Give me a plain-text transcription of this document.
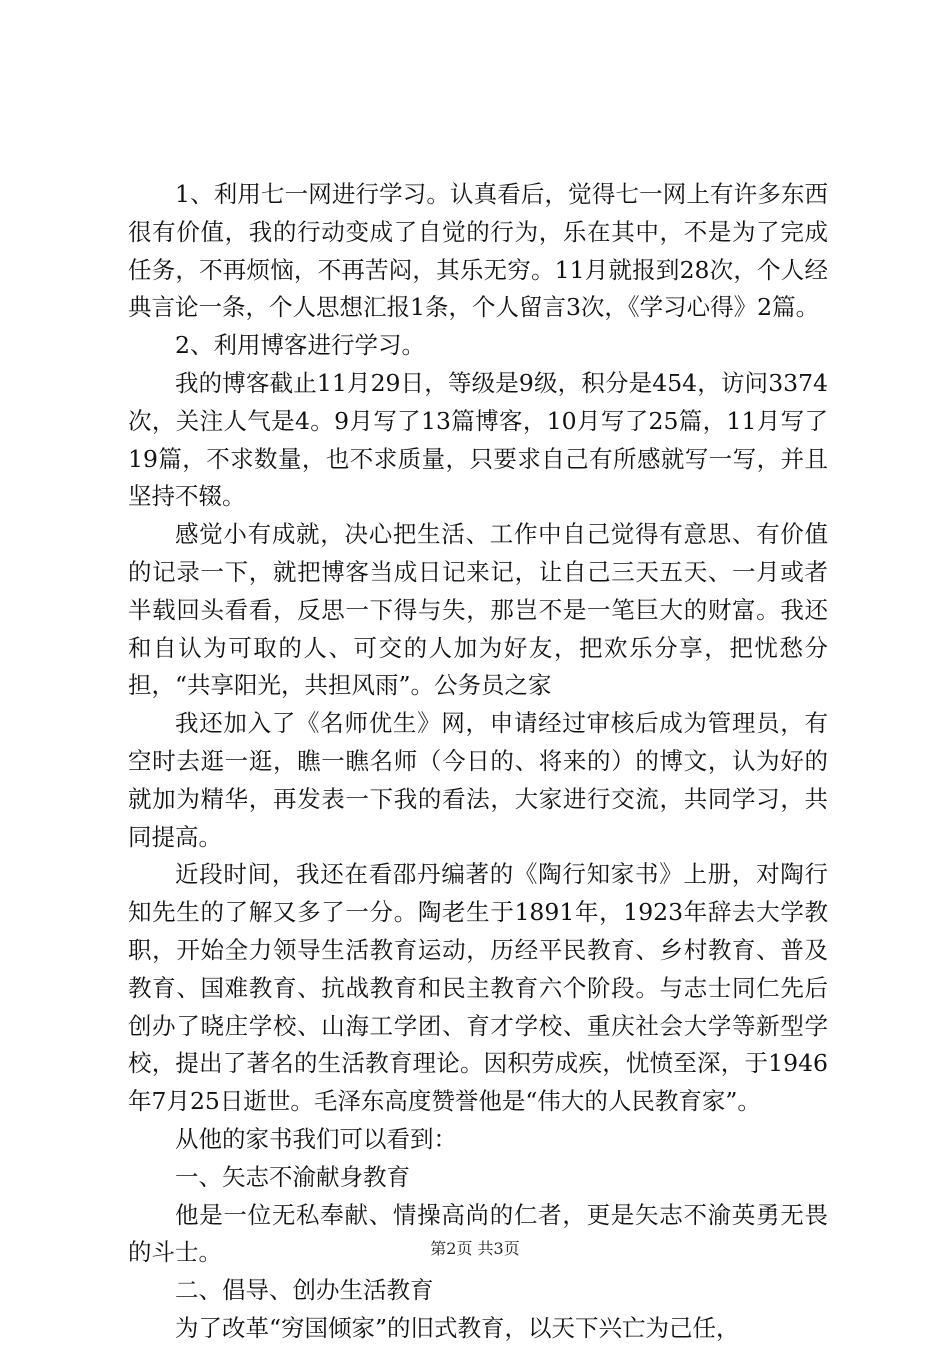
1、利用七一网进行学习。认真看后，觉得七一网上有许多东西很有价值，我的行动变成了自觉的行为，乐在其中，不是为了完成任务，不再烦恼，不再苦闷，其乐无穷。11月就报到28次，个人经典言论一条，个人思想汇报1条，个人留言3次，《学习心得》2篇。

2、利用博客进行学习。

我的博客截止11月29日，等级是9级，积分是454，访问3374次，关注人气是4。9月写了13篇博客，10月写了25篇，11月写了19篇，不求数量，也不求质量，只要求自己有所感就写一写，并且坚持不辍。

感觉小有成就，决心把生活、工作中自己觉得有意思、有价值的记录一下，就把博客当成日记来记，让自己三天五天、一月或者半载回头看看，反思一下得与失，那岂不是一笔巨大的财富。我还和自认为可取的人、可交的人加为好友，把欢乐分享，把忧愁分担，“共享阳光，共担风雨”。公务员之家

我还加入了《名师优生》网，申请经过审核后成为管理员，有空时去逛一逛，瞧一瞧名师（今日的、将来的）的博文，认为好的就加为精华，再发表一下我的看法，大家进行交流，共同学习，共同提高。

近段时间，我还在看邵丹编著的《陶行知家书》上册，对陶行知先生的了解又多了一分。陶老生于1891年，1923年辞去大学教职，开始全力领导生活教育运动，历经平民教育、乡村教育、普及教育、国难教育、抗战教育和民主教育六个阶段。与志士同仁先后创办了晓庄学校、山海工学团、育才学校、重庆社会大学等新型学校，提出了著名的生活教育理论。因积劳成疾，忧愤至深，于1946年7月25日逝世。毛泽东高度赞誉他是“伟大的人民教育家”。

从他的家书我们可以看到：

一、矢志不渝献身教育

他是一位无私奉献、情操高尚的仁者，更是矢志不渝英勇无畏的斗士。

二、倡导、创办生活教育

为了改革“穷国倾家”的旧式教育，以天下兴亡为己任，

第2页 共3页
